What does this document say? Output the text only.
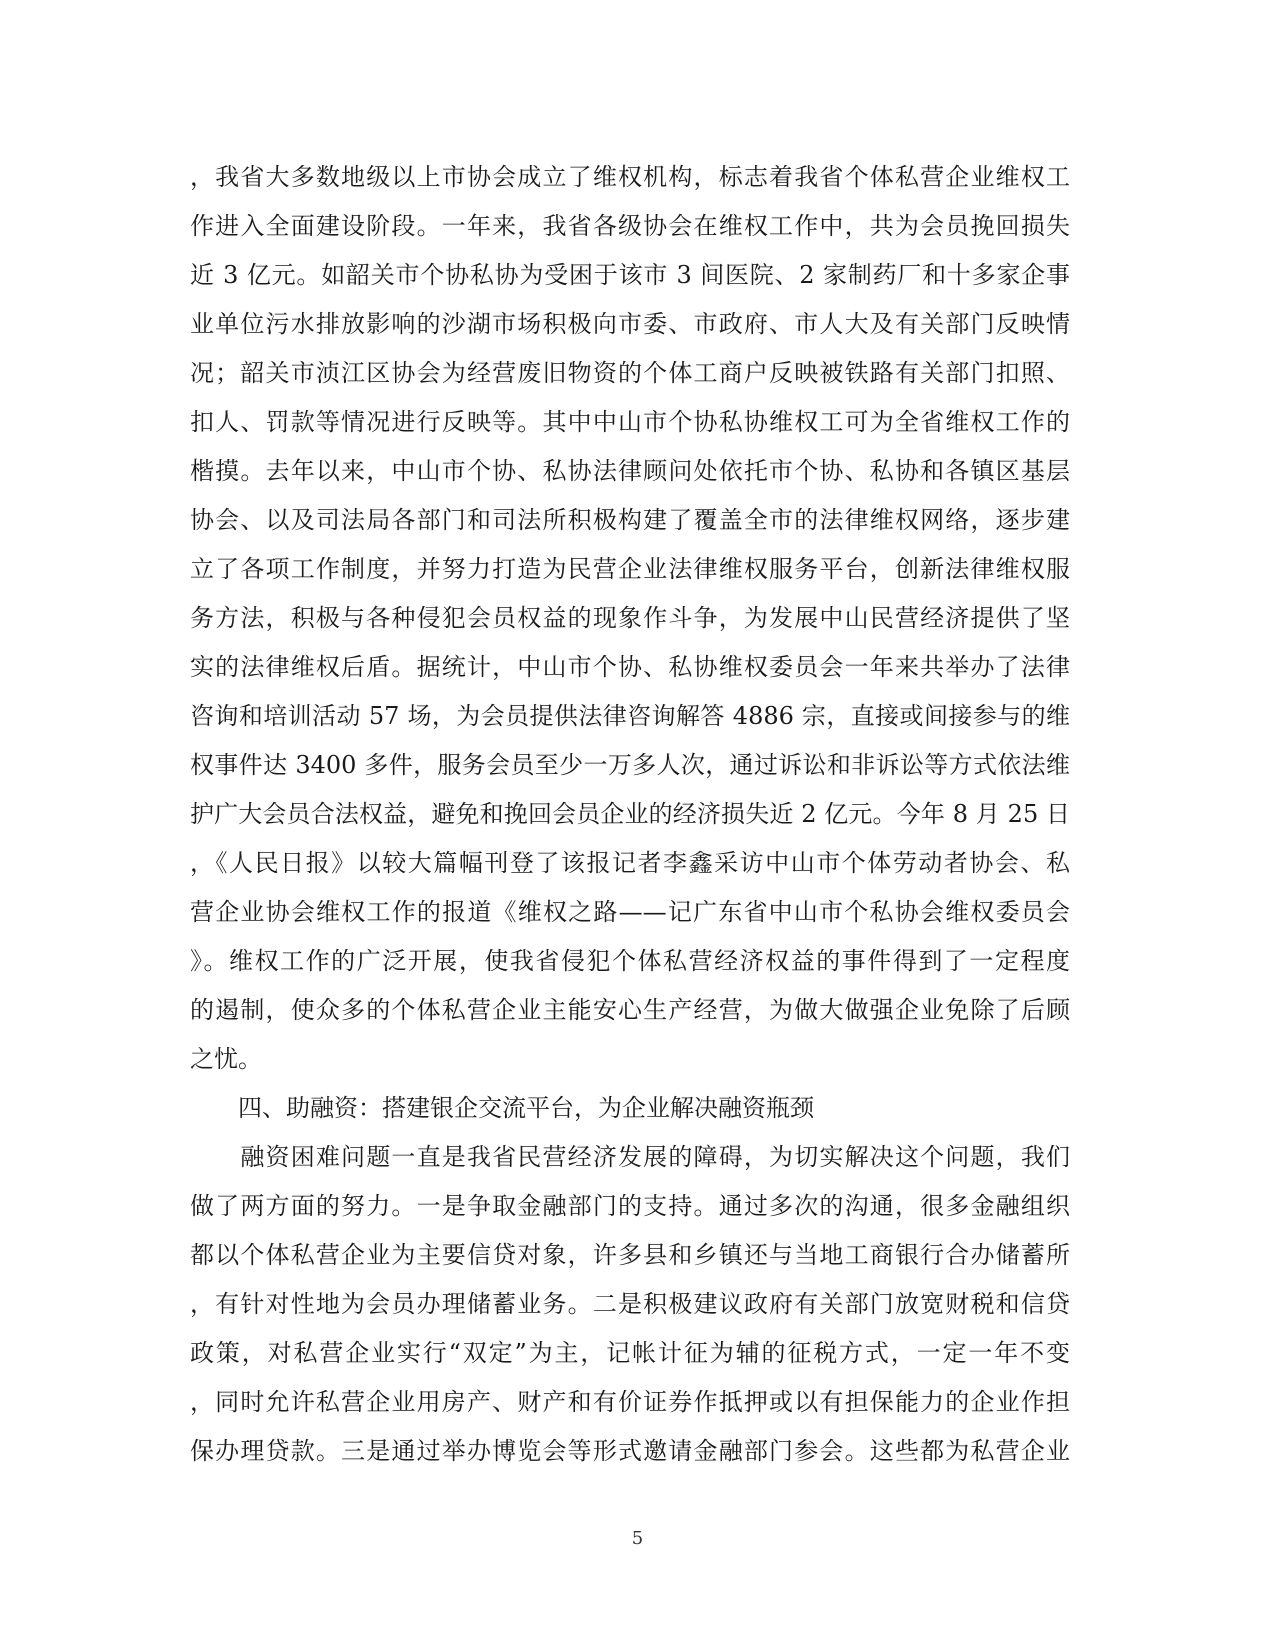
，我省大多数地级以上市协会成立了维权机构，标志着我省个体私营企业维权工
作进入全面建设阶段。一年来，我省各级协会在维权工作中，共为会员挽回损失
近 3 亿元。如韶关市个协私协为受困于该市 3 间医院、2 家制药厂和十多家企事
业单位污水排放影响的沙湖市场积极向市委、市政府、市人大及有关部门反映情
况；韶关市浈江区协会为经营废旧物资的个体工商户反映被铁路有关部门扣照、
扣人、罚款等情况进行反映等。其中中山市个协私协维权工可为全省维权工作的
楷摸。去年以来，中山市个协、私协法律顾问处依托市个协、私协和各镇区基层
协会、以及司法局各部门和司法所积极构建了覆盖全市的法律维权网络，逐步建
立了各项工作制度，并努力打造为民营企业法律维权服务平台，创新法律维权服
务方法，积极与各种侵犯会员权益的现象作斗争，为发展中山民营经济提供了坚
实的法律维权后盾。据统计，中山市个协、私协维权委员会一年来共举办了法律
咨询和培训活动 57 场，为会员提供法律咨询解答 4886 宗，直接或间接参与的维
权事件达 3400 多件，服务会员至少一万多人次，通过诉讼和非诉讼等方式依法维
护广大会员合法权益，避免和挽回会员企业的经济损失近 2 亿元。今年 8 月 25 日
，《人民日报》以较大篇幅刊登了该报记者李鑫采访中山市个体劳动者协会、私
营企业协会维权工作的报道《维权之路——记广东省中山市个私协会维权委员会
》。维权工作的广泛开展，使我省侵犯个体私营经济权益的事件得到了一定程度
的遏制，使众多的个体私营企业主能安心生产经营，为做大做强企业免除了后顾
之忧。
　　四、助融资：搭建银企交流平台，为企业解决融资瓶颈
　　融资困难问题一直是我省民营经济发展的障碍，为切实解决这个问题，我们
做了两方面的努力。一是争取金融部门的支持。通过多次的沟通，很多金融组织
都以个体私营企业为主要信贷对象，许多县和乡镇还与当地工商银行合办储蓄所
，有针对性地为会员办理储蓄业务。二是积极建议政府有关部门放宽财税和信贷
政策，对私营企业实行“双定”为主，记帐计征为辅的征税方式，一定一年不变
，同时允许私营企业用房产、财产和有价证券作抵押或以有担保能力的企业作担
保办理贷款。三是通过举办博览会等形式邀请金融部门参会。这些都为私营企业
5
